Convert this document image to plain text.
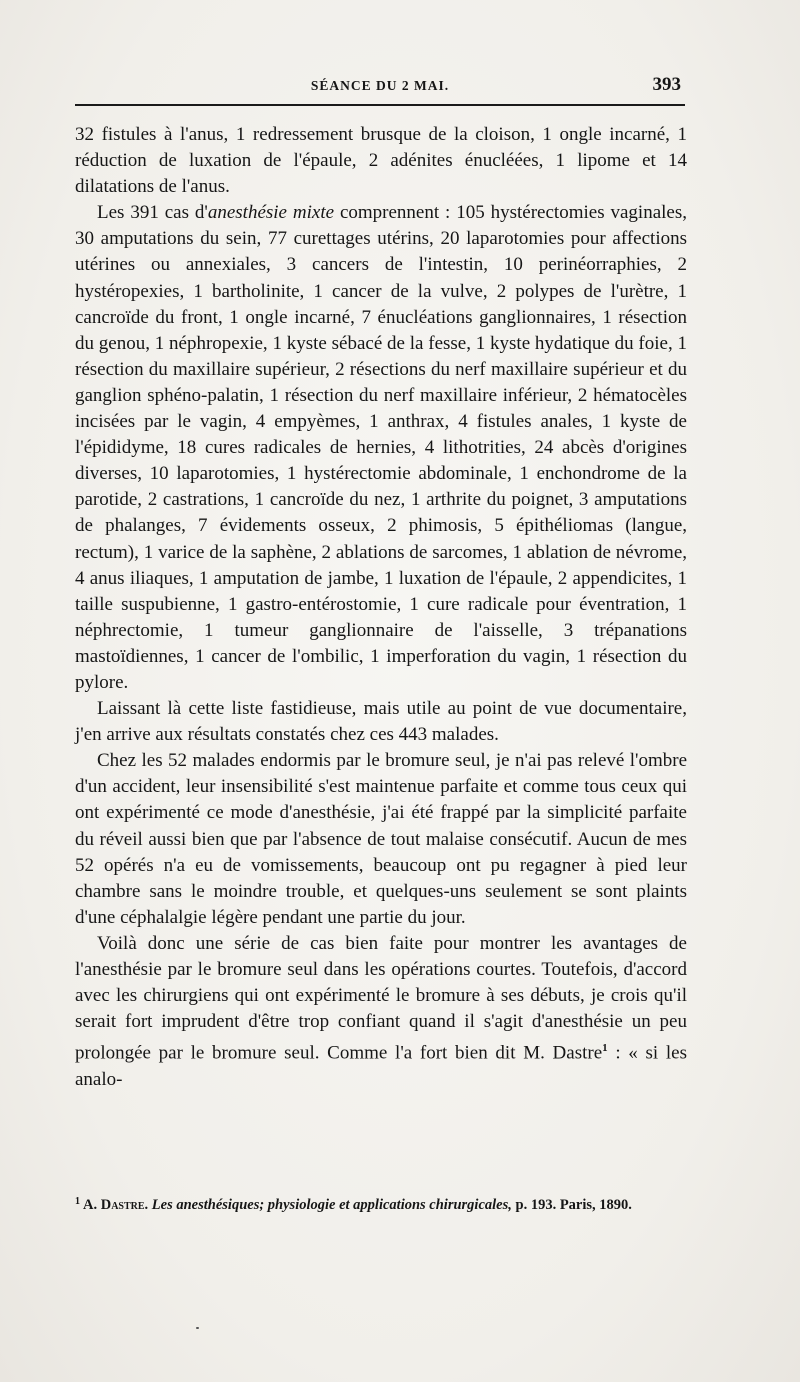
SÉANCE DU 2 MAI.	393

32 fistules à l'anus, 1 redressement brusque de la cloison, 1 ongle incarné, 1 réduction de luxation de l'épaule, 2 adénites énucléées, 1 lipome et 14 dilatations de l'anus.

Les 391 cas d'anesthésie mixte comprennent : 105 hystérectomies vaginales, 30 amputations du sein, 77 curettages utérins, 20 laparotomies pour affections utérines ou annexiales, 3 cancers de l'intestin, 10 perinéorraphies, 2 hystéropexies, 1 bartholinite, 1 cancer de la vulve, 2 polypes de l'urètre, 1 cancroïde du front, 1 ongle incarné, 7 énucléations ganglionnaires, 1 résection du genou, 1 néphropexie, 1 kyste sébacé de la fesse, 1 kyste hydatique du foie, 1 résection du maxillaire supérieur, 2 résections du nerf maxillaire supérieur et du ganglion sphéno-palatin, 1 résection du nerf maxillaire inférieur, 2 hématocèles incisées par le vagin, 4 empyèmes, 1 anthrax, 4 fistules anales, 1 kyste de l'épididyme, 18 cures radicales de hernies, 4 lithotrities, 24 abcès d'origines diverses, 10 laparotomies, 1 hystérectomie abdominale, 1 enchondrome de la parotide, 2 castrations, 1 cancroïde du nez, 1 arthrite du poignet, 3 amputations de phalanges, 7 évidements osseux, 2 phimosis, 5 épithéliomas (langue, rectum), 1 varice de la saphène, 2 ablations de sarcomes, 1 ablation de névrome, 4 anus iliaques, 1 amputation de jambe, 1 luxation de l'épaule, 2 appendicites, 1 taille suspubienne, 1 gastro-entérostomie, 1 cure radicale pour éventration, 1 néphrectomie, 1 tumeur ganglionnaire de l'aisselle, 3 trépanations mastoïdiennes, 1 cancer de l'ombilic, 1 imperforation du vagin, 1 résection du pylore.

Laissant là cette liste fastidieuse, mais utile au point de vue documentaire, j'en arrive aux résultats constatés chez ces 443 malades.

Chez les 52 malades endormis par le bromure seul, je n'ai pas relevé l'ombre d'un accident, leur insensibilité s'est maintenue parfaite et comme tous ceux qui ont expérimenté ce mode d'anesthésie, j'ai été frappé par la simplicité parfaite du réveil aussi bien que par l'absence de tout malaise consécutif. Aucun de mes 52 opérés n'a eu de vomissements, beaucoup ont pu regagner à pied leur chambre sans le moindre trouble, et quelques-uns seulement se sont plaints d'une céphalalgie légère pendant une partie du jour.

Voilà donc une série de cas bien faite pour montrer les avantages de l'anesthésie par le bromure seul dans les opérations courtes. Toutefois, d'accord avec les chirurgiens qui ont expérimenté le bromure à ses débuts, je crois qu'il serait fort imprudent d'être trop confiant quand il s'agit d'anesthésie un peu prolongée par le bromure seul. Comme l'a fort bien dit M. Dastre$^1$ : « si les analo-

$^1$ A. Dastre. Les anesthésiques; physiologie et applications chirurgicales, p. 193. Paris, 1890.
